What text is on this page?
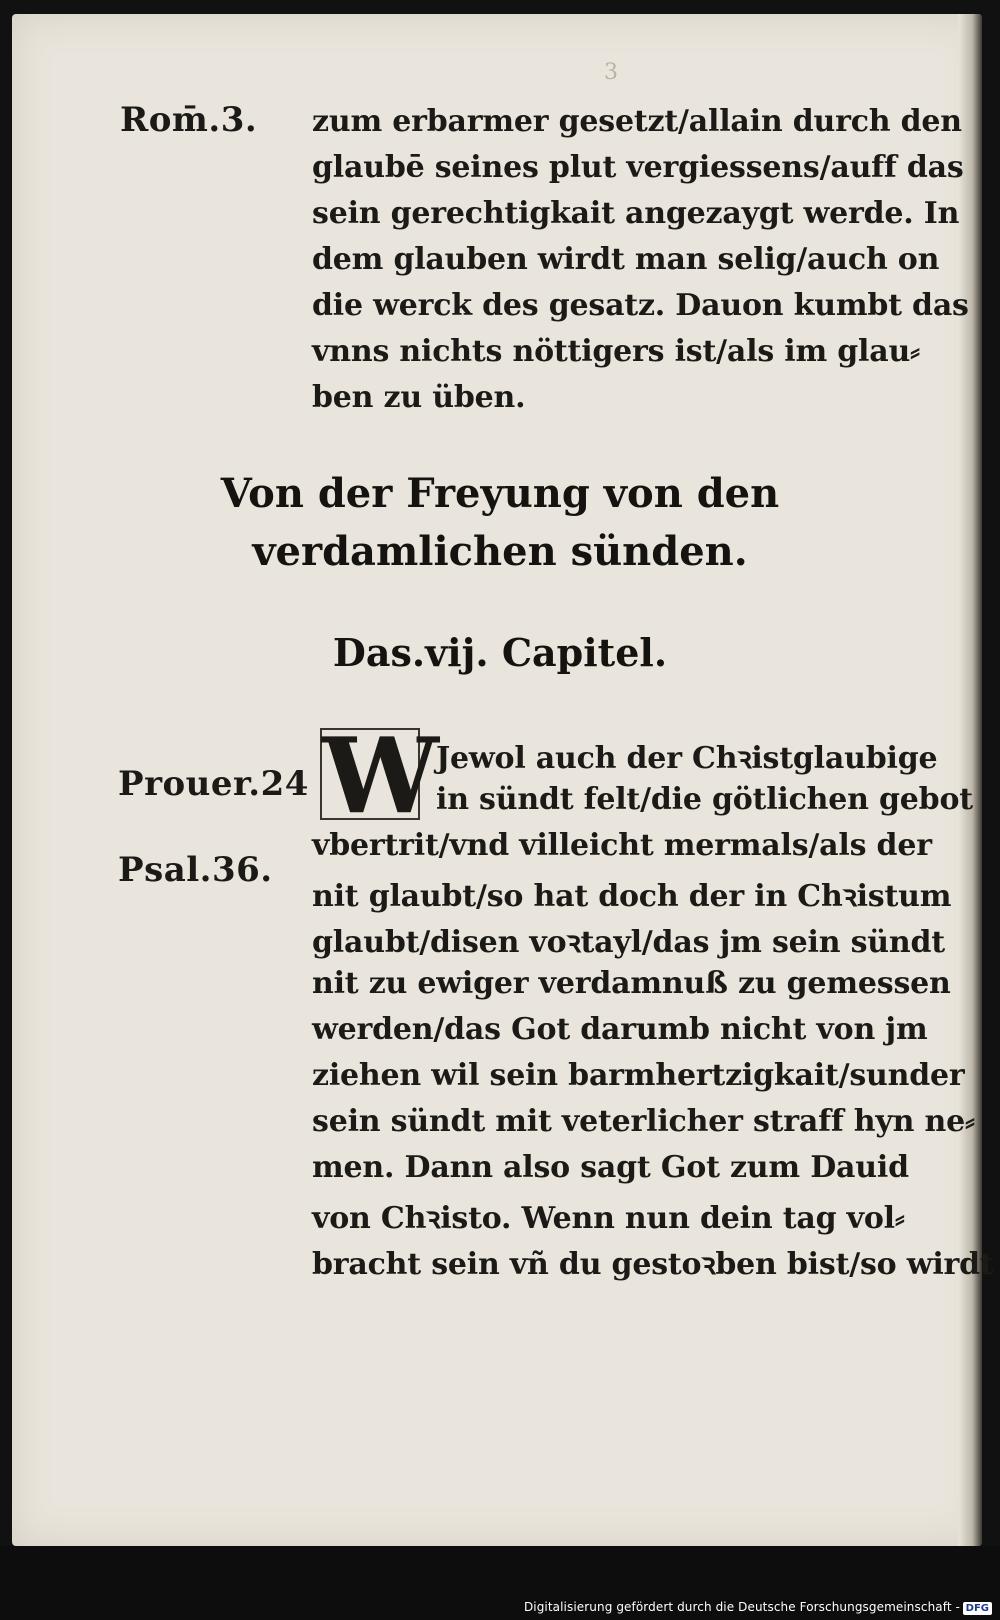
3
Rom̄.3.
Prouer.24
Psal.36.
zum erbarmer gesetzt/allain durch den
glaubē seines plut vergiessens/auff das
sein gerechtigkait angezaygt werde. In
dem glauben wirdt man selig/auch on
die werck des gesatz. Dauon kumbt das
vnns nichts nöttigers ist/als im glau⸗
ben zu üben.
Von der Freyung von den
verdamlichen sünden.
Das.vij. Capitel.
W
Jewol auch der Chꝛistglaubige
in sündt felt/die götlichen gebot
vbertrit/vnd villeicht mermals/als der
nit glaubt/so hat doch der in Chꝛistum
glaubt/disen voꝛtayl/das jm sein sündt
nit zu ewiger verdamnuß zu gemessen
werden/das Got darumb nicht von jm
ziehen wil sein barmhertzigkait/sunder
sein sündt mit veterlicher straff hyn ne⸗
men. Dann also sagt Got zum Dauid
von Chꝛisto. Wenn nun dein tag vol⸗
bracht sein vñ du gestoꝛben bist/so wirdt
Digitalisierung gefördert durch die Deutsche Forschungsgemeinschaft - DFG
